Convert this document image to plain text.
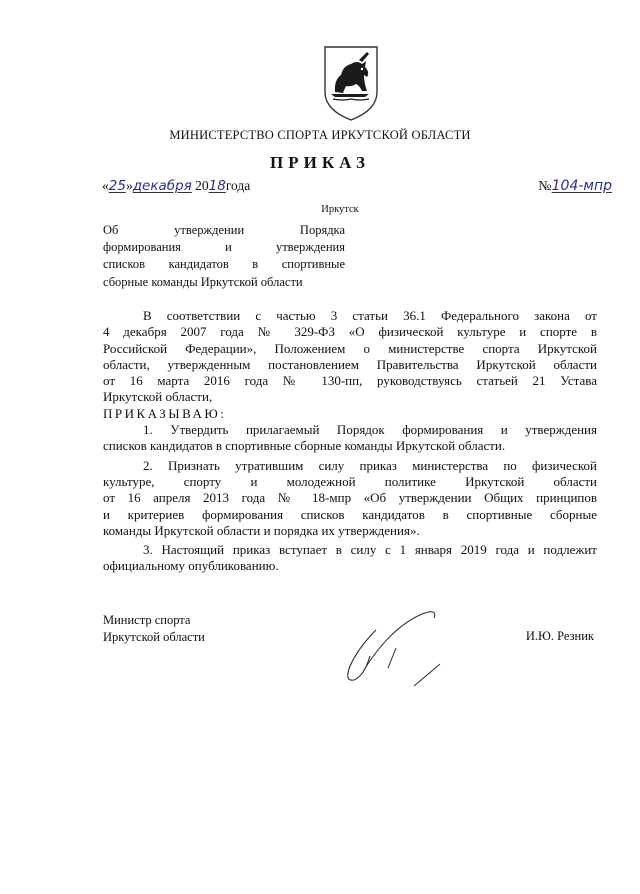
МИНИСТЕРСТВО СПОРТА ИРКУТСКОЙ ОБЛАСТИ
ПРИКАЗ
«25»декабря 2018года	№104-мпр
Иркутск
Об утверждении Порядка
формирования и утверждения
списков кандидатов в спортивные
сборные команды Иркутской области
В соответствии с частью 3 статьи 36.1 Федерального закона от
4 декабря 2007 года № 329-ФЗ «О физической культуре и спорте в
Российской Федерации», Положением о министерстве спорта Иркутской
области, утвержденным постановлением Правительства Иркутской области
от 16 марта 2016 года № 130-пп, руководствуясь статьей 21 Устава
Иркутской области,
ПРИКАЗЫВАЮ:
1. Утвердить прилагаемый Порядок формирования и утверждения
списков кандидатов в спортивные сборные команды Иркутской области.
2. Признать утратившим силу приказ министерства по физической
культуре, спорту и молодежной политике Иркутской области
от 16 апреля 2013 года № 18-мпр «Об утверждении Общих принципов
и критериев формирования списков кандидатов в спортивные сборные
команды Иркутской области и порядка их утверждения».
3. Настоящий приказ вступает в силу с 1 января 2019 года и подлежит
официальному опубликованию.
Министр спорта
Иркутской области	И.Ю. Резник
